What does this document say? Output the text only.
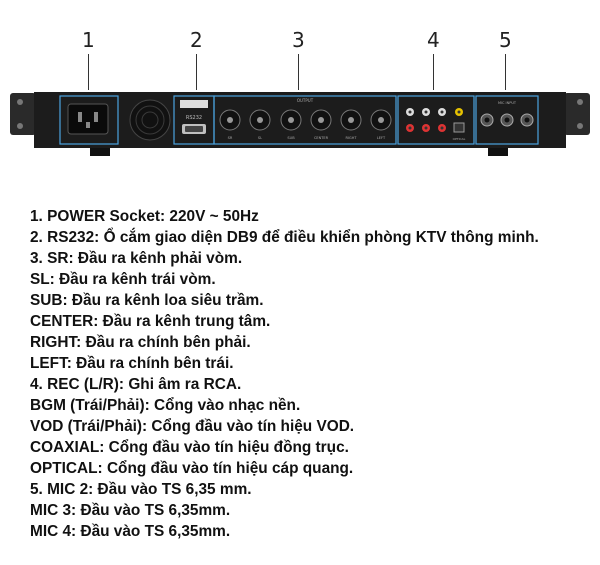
1	2	3	4	5
RS232
OUTPUT
SR	SL	SUB	CENTER	RIGHT	LEFT	OPTICAL
MIC INPUT
1. POWER Socket: 220V ~ 50Hz
2. RS232: Ổ cắm giao diện DB9 để điều khiển phòng KTV thông minh.
3. SR: Đầu ra kênh phải vòm.
SL: Đầu ra kênh trái vòm.
SUB: Đầu ra kênh loa siêu trầm.
CENTER: Đầu ra kênh trung tâm.
RIGHT: Đầu ra chính bên phải.
LEFT: Đầu ra chính bên trái.
4. REC (L/R): Ghi âm ra RCA.
BGM (Trái/Phải): Cổng vào nhạc nền.
VOD (Trái/Phải): Cổng đầu vào tín hiệu VOD.
COAXIAL: Cổng đầu vào tín hiệu đồng trục.
OPTICAL: Cổng đầu vào tín hiệu cáp quang.
5. MIC 2: Đầu vào TS 6,35 mm.
MIC 3: Đầu vào TS 6,35mm.
MIC 4: Đầu vào TS 6,35mm.
